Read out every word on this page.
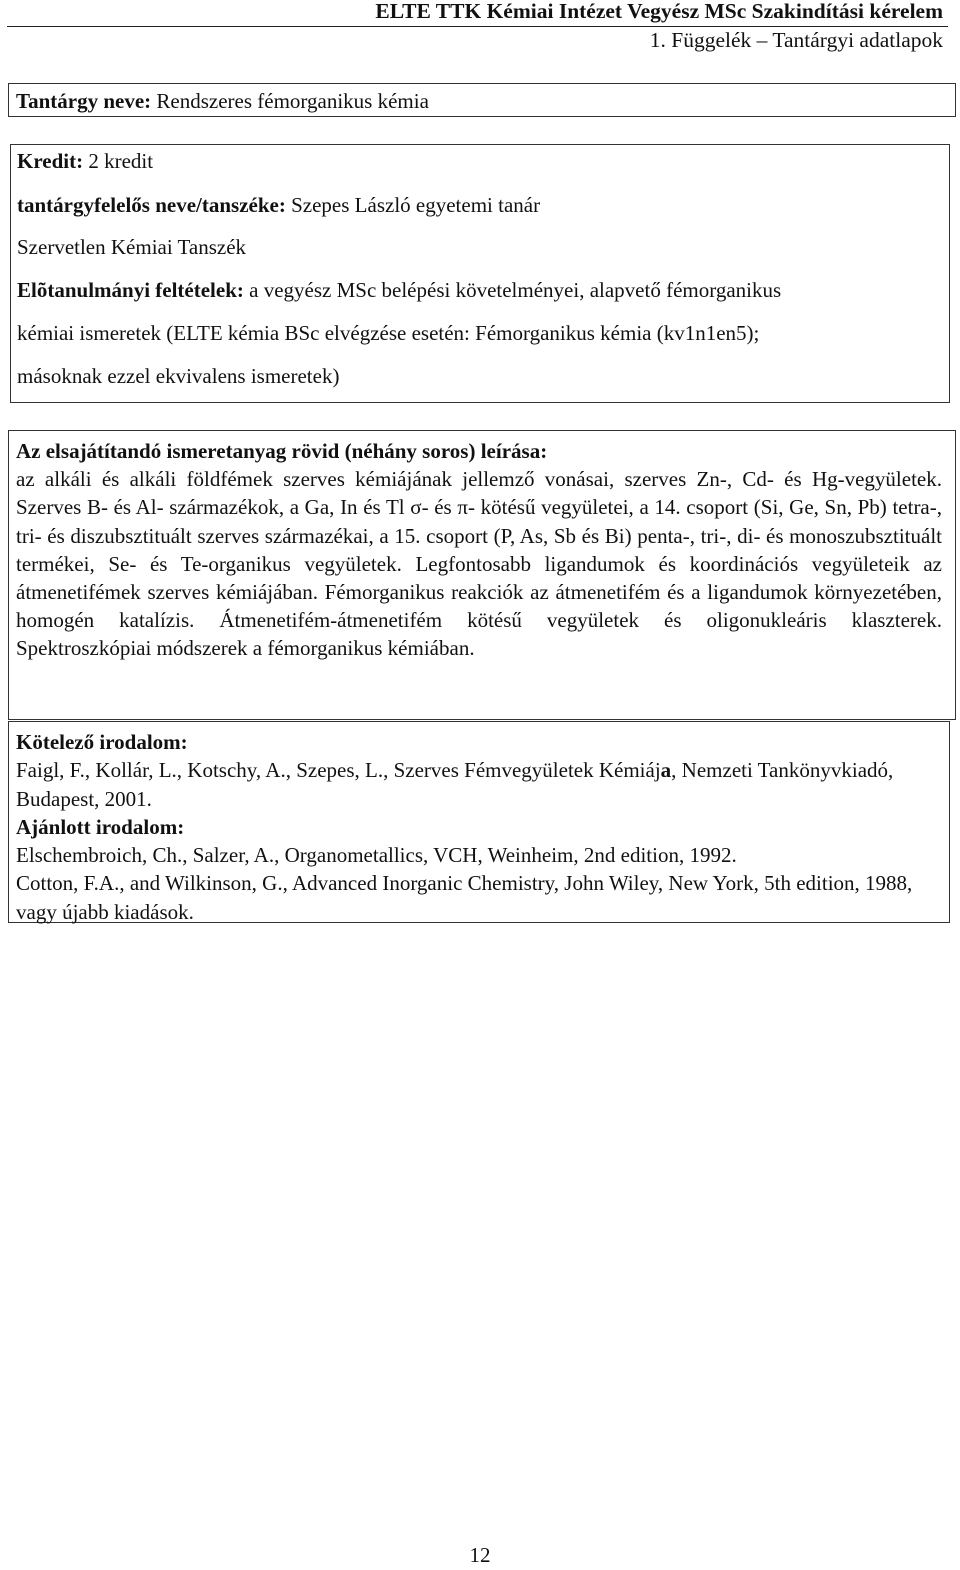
ELTE TTK Kémiai Intézet Vegyész MSc Szakindítási kérelem
1. Függelék – Tantárgyi adatlapok
Tantárgy neve: Rendszeres fémorganikus kémia
Kredit: 2 kredit
tantárgyfelelős neve/tanszéke: Szepes László egyetemi tanár
Szervetlen Kémiai Tanszék
Elõtanulmányi feltételek: a vegyész MSc belépési követelményei, alapvető fémorganikus
kémiai ismeretek (ELTE kémia BSc elvégzése esetén: Fémorganikus kémia (kv1n1en5);
másoknak ezzel ekvivalens ismeretek)
Az elsajátítandó ismeretanyag rövid (néhány soros) leírása:
az alkáli és alkáli földfémek szerves kémiájának jellemző vonásai, szerves Zn-, Cd- és Hg-vegyületek. Szerves B- és Al- származékok, a Ga, In és Tl σ- és π- kötésű vegyületei, a 14. csoport (Si, Ge, Sn, Pb) tetra-, tri- és diszubsztituált szerves származékai, a 15. csoport (P, As, Sb és Bi) penta-, tri-, di- és monoszubsztituált termékei, Se- és Te-organikus vegyületek. Legfontosabb ligandumok és koordinációs vegyületeik az átmenetifémek szerves kémiájában. Fémorganikus reakciók az átmenetifém és a ligandumok környezetében, homogén katalízis. Átmenetifém-átmenetifém kötésű vegyületek és oligonukleáris klaszterek. Spektroszkópiai módszerek a fémorganikus kémiában.
Kötelező irodalom:
Faigl, F., Kollár, L., Kotschy, A., Szepes, L., Szerves Fémvegyületek Kémiája, Nemzeti Tankönyvkiadó, Budapest, 2001.
Ajánlott irodalom:
Elschembroich, Ch., Salzer, A., Organometallics, VCH, Weinheim, 2nd edition, 1992.
Cotton, F.A., and Wilkinson, G., Advanced Inorganic Chemistry, John Wiley, New York, 5th edition, 1988, vagy újabb kiadások.
12
